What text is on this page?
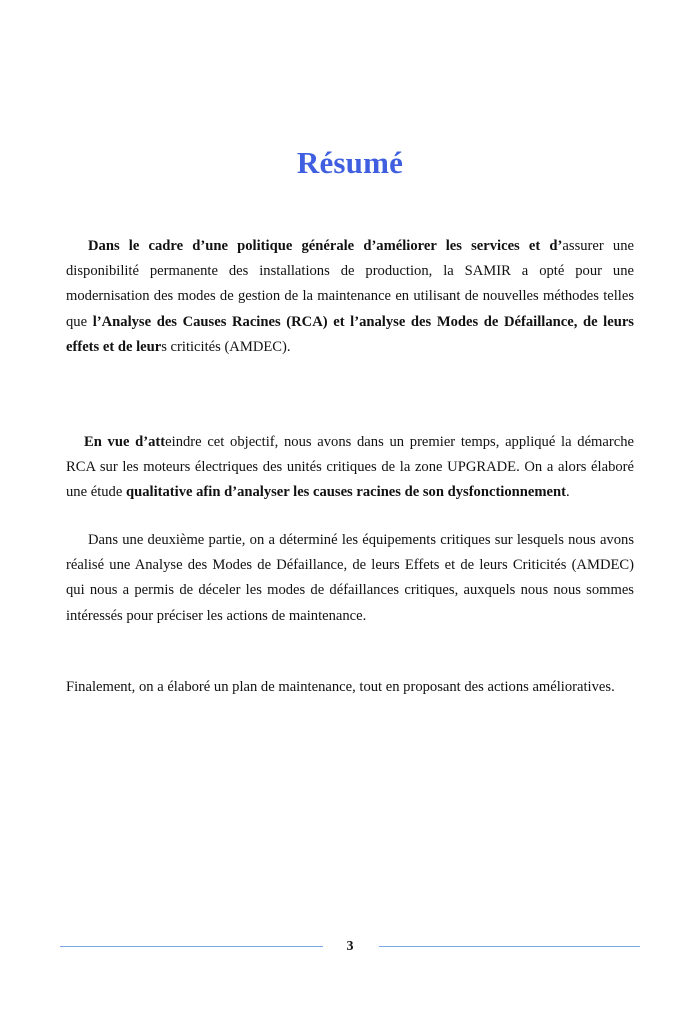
Résumé

Dans le cadre d’une politique générale d’améliorer les services et d’assurer une disponibilité permanente des installations de production, la SAMIR a opté pour une modernisation des modes de gestion de la maintenance en utilisant de nouvelles méthodes telles que l’Analyse des Causes Racines (RCA) et l’analyse des Modes de Défaillance, de leurs effets et de leurs criticités (AMDEC).

En vue d’atteindre cet objectif, nous avons dans un premier temps, appliqué la démarche RCA sur les moteurs électriques des unités critiques de la zone UPGRADE. On a alors élaboré une étude qualitative afin d’analyser les causes racines de son dysfonctionnement.

Dans une deuxième partie, on a déterminé les équipements critiques sur lesquels nous avons réalisé une Analyse des Modes de Défaillance, de leurs Effets et de leurs Criticités (AMDEC) qui nous a permis de déceler les modes de défaillances critiques, auxquels nous nous sommes intéressés pour préciser les actions de maintenance.

Finalement, on a élaboré un plan de maintenance, tout en proposant des actions amélioratives.

3
